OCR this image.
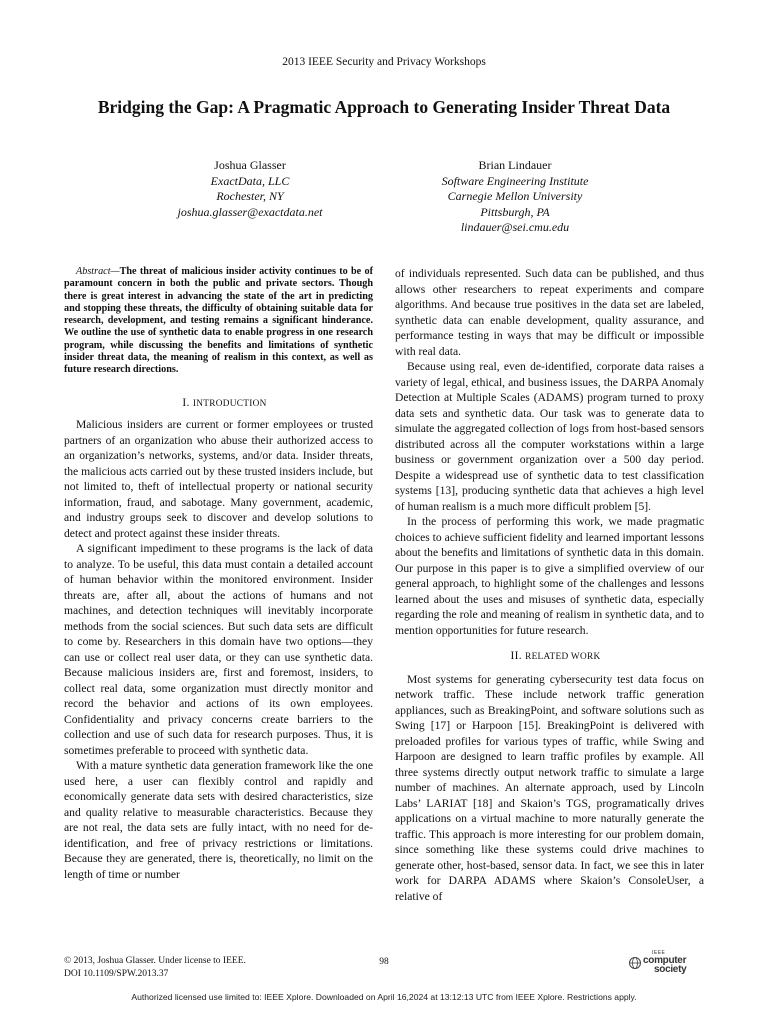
2013 IEEE Security and Privacy Workshops
Bridging the Gap: A Pragmatic Approach to Generating Insider Threat Data
Joshua Glasser
ExactData, LLC
Rochester, NY
joshua.glasser@exactdata.net
Brian Lindauer
Software Engineering Institute
Carnegie Mellon University
Pittsburgh, PA
lindauer@sei.cmu.edu

Abstract—The threat of malicious insider activity continues to be of paramount concern in both the public and private sectors. Though there is great interest in advancing the state of the art in predicting and stopping these threats, the difficulty of obtaining suitable data for research, development, and testing remains a significant hinderance. We outline the use of synthetic data to enable progress in one research program, while discussing the benefits and limitations of synthetic insider threat data, the meaning of realism in this context, as well as future research directions.

I. INTRODUCTION

Malicious insiders are current or former employees or trusted partners of an organization who abuse their authorized access to an organization’s networks, systems, and/or data. Insider threats, the malicious acts carried out by these trusted insiders include, but not limited to, theft of intellectual property or national security information, fraud, and sabotage. Many government, academic, and industry groups seek to discover and develop solutions to detect and protect against these insider threats.

A significant impediment to these programs is the lack of data to analyze. To be useful, this data must contain a detailed account of human behavior within the monitored environment. Insider threats are, after all, about the actions of humans and not machines, and detection techniques will inevitably incorporate methods from the social sciences. But such data sets are difficult to come by. Researchers in this domain have two options—they can use or collect real user data, or they can use synthetic data. Because malicious insiders are, first and foremost, insiders, to collect real data, some organization must directly monitor and record the behavior and actions of its own employees. Confidentiality and privacy concerns create barriers to the collection and use of such data for research purposes. Thus, it is sometimes preferable to proceed with synthetic data.

With a mature synthetic data generation framework like the one used here, a user can flexibly control and rapidly and economically generate data sets with desired characteristics, size and quality relative to measurable characteristics. Because they are not real, the data sets are fully intact, with no need for de-identification, and free of privacy restrictions or limitations. Because they are generated, there is, theoretically, no limit on the length of time or number

of individuals represented. Such data can be published, and thus allows other researchers to repeat experiments and compare algorithms. And because true positives in the data set are labeled, synthetic data can enable development, quality assurance, and performance testing in ways that may be difficult or impossible with real data.

Because using real, even de-identified, corporate data raises a variety of legal, ethical, and business issues, the DARPA Anomaly Detection at Multiple Scales (ADAMS) program turned to proxy data sets and synthetic data. Our task was to generate data to simulate the aggregated collection of logs from host-based sensors distributed across all the computer workstations within a large business or government organization over a 500 day period. Despite a widespread use of synthetic data to test classification systems [13], producing synthetic data that achieves a high level of human realism is a much more difficult problem [5].

In the process of performing this work, we made pragmatic choices to achieve sufficient fidelity and learned important lessons about the benefits and limitations of synthetic data in this domain. Our purpose in this paper is to give a simplified overview of our general approach, to highlight some of the challenges and lessons learned about the uses and misuses of synthetic data, especially regarding the role and meaning of realism in synthetic data, and to mention opportunities for future research.

II. RELATED WORK

Most systems for generating cybersecurity test data focus on network traffic. These include network traffic generation appliances, such as BreakingPoint, and software solutions such as Swing [17] or Harpoon [15]. BreakingPoint is delivered with preloaded profiles for various types of traffic, while Swing and Harpoon are designed to learn traffic profiles by example. All three systems directly output network traffic to simulate a large number of machines. An alternate approach, used by Lincoln Labs’ LARIAT [18] and Skaion’s TGS, programatically drives applications on a virtual machine to more naturally generate the traffic. This approach is more interesting for our problem domain, since something like these systems could drive machines to generate other, host-based, sensor data. In fact, we see this in later work for DARPA ADAMS where Skaion’s ConsoleUser, a relative of

© 2013, Joshua Glasser. Under license to IEEE.
DOI 10.1109/SPW.2013.37
98
IEEE
computer
society
Authorized licensed use limited to: IEEE Xplore. Downloaded on April 16,2024 at 13:12:13 UTC from IEEE Xplore. Restrictions apply.
